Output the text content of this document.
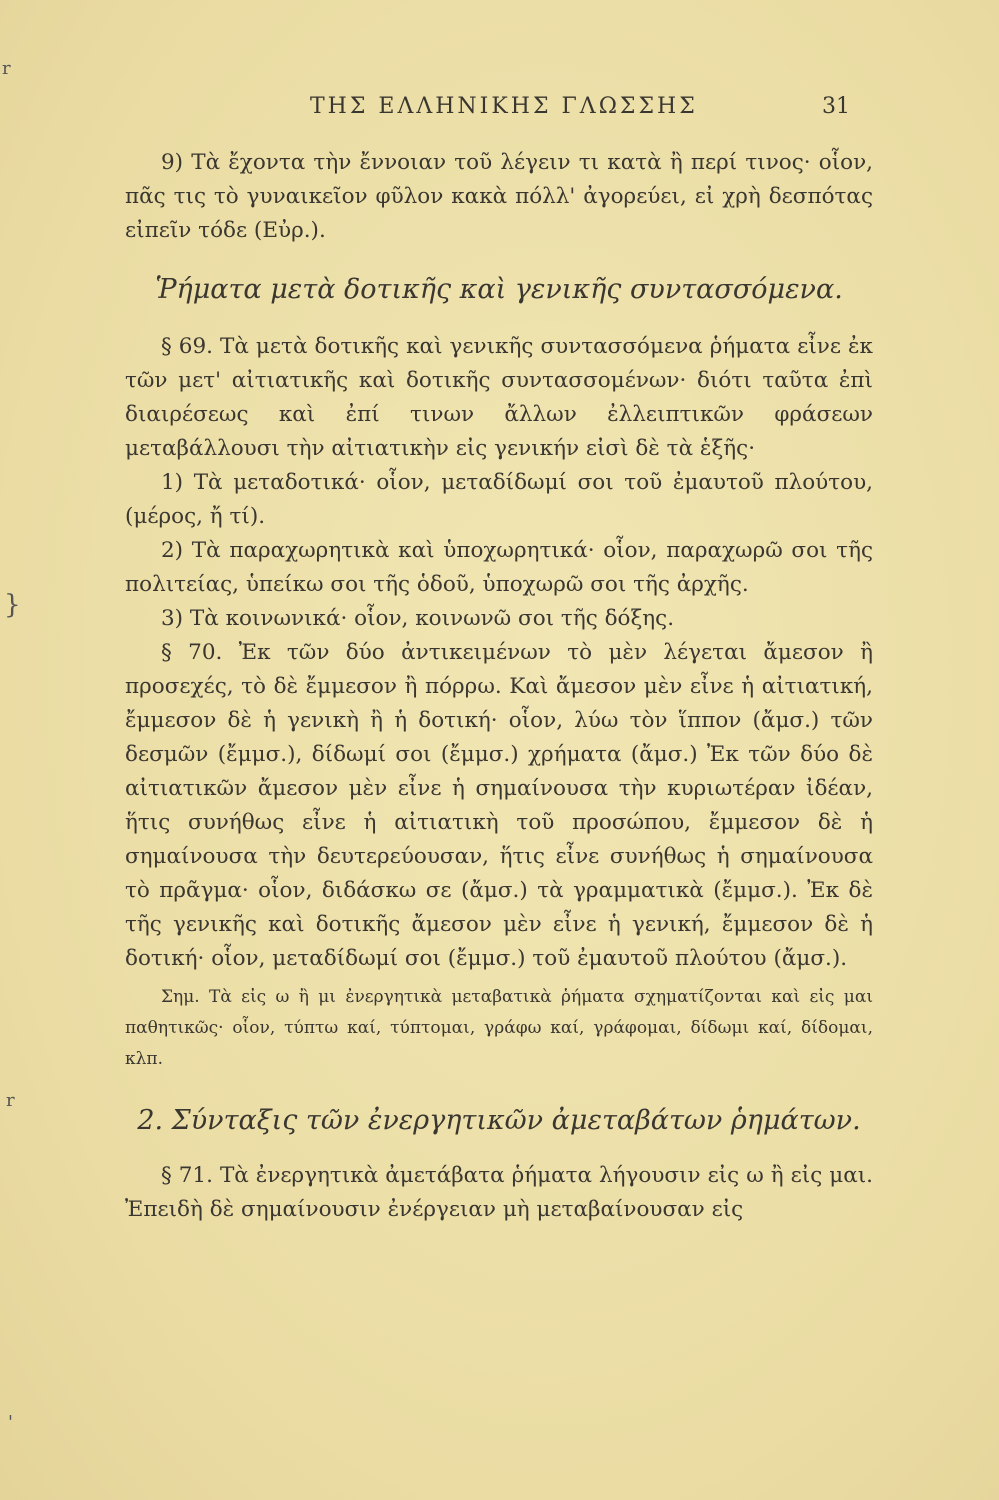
r
}
r
'
ΤΗΣ ΕΛΛΗΝΙΚΗΣ ΓΛΩΣΣΗΣ	31

9) Τὰ ἔχοντα τὴν ἔννοιαν τοῦ λέγειν τι κατὰ ἢ περί τινος· οἷον, πᾶς τις τὸ γυναικεῖον φῦλον κακὰ πόλλ' ἀγορεύει, εἰ χρὴ δεσπότας εἰπεῖν τόδε (Εὐρ.).

Ῥήματα μετὰ δοτικῆς καὶ γενικῆς συντασσόμενα.

§ 69. Τὰ μετὰ δοτικῆς καὶ γενικῆς συντασσόμενα ῥήματα εἶνε ἐκ τῶν μετ' αἰτιατικῆς καὶ δοτικῆς συντασσομένων· διότι ταῦτα ἐπὶ διαιρέσεως καὶ ἐπί τινων ἄλλων ἐλλειπτικῶν φράσεων μεταβάλλουσι τὴν αἰτιατικὴν εἰς γενικήν εἰσὶ δὲ τὰ ἑξῆς·

1) Τὰ μεταδοτικά· οἷον, μεταδίδωμί σοι τοῦ ἐμαυτοῦ πλούτου, (μέρος, ἤ τί).

2) Τὰ παραχωρητικὰ καὶ ὑποχωρητικά· οἷον, παραχωρῶ σοι τῆς πολιτείας, ὑπείκω σοι τῆς ὁδοῦ, ὑποχωρῶ σοι τῆς ἀρχῆς.

3) Τὰ κοινωνικά· οἷον, κοινωνῶ σοι τῆς δόξης.

§ 70. Ἐκ τῶν δύο ἀντικειμένων τὸ μὲν λέγεται ἄμεσον ἢ προσεχές, τὸ δὲ ἔμμεσον ἢ πόρρω. Καὶ ἄμεσον μὲν εἶνε ἡ αἰτιατική, ἔμμεσον δὲ ἡ γενικὴ ἢ ἡ δοτική· οἷον, λύω τὸν ἵππον (ἄμσ.) τῶν δεσμῶν (ἔμμσ.), δίδωμί σοι (ἔμμσ.) χρήματα (ἄμσ.) Ἐκ τῶν δύο δὲ αἰτιατικῶν ἄμεσον μὲν εἶνε ἡ σημαίνουσα τὴν κυριωτέραν ἰδέαν, ἥτις συνήθως εἶνε ἡ αἰτιατικὴ τοῦ προσώπου, ἔμμεσον δὲ ἡ σημαίνουσα τὴν δευτερεύουσαν, ἥτις εἶνε συνήθως ἡ σημαίνουσα τὸ πρᾶγμα· οἷον, διδάσκω σε (ἄμσ.) τὰ γραμματικὰ (ἔμμσ.). Ἐκ δὲ τῆς γενικῆς καὶ δοτικῆς ἄμεσον μὲν εἶνε ἡ γενική, ἔμμεσον δὲ ἡ δοτική· οἷον, μεταδίδωμί σοι (ἔμμσ.) τοῦ ἐμαυτοῦ πλούτου (ἄμσ.).

Σημ. Τὰ εἰς ω ἢ μι ἐνεργητικὰ μεταβατικὰ ῥήματα σχηματίζονται καὶ εἰς μαι παθητικῶς· οἷον, τύπτω καί, τύπτομαι, γράφω καί, γράφομαι, δίδωμι καί, δίδομαι, κλπ.

2. Σύνταξις τῶν ἐνεργητικῶν ἀμεταβάτων ῥημάτων.

§ 71. Τὰ ἐνεργητικὰ ἀμετάβατα ῥήματα λήγουσιν εἰς ω ἢ εἰς μαι. Ἐπειδὴ δὲ σημαίνουσιν ἐνέργειαν μὴ μεταβαίνουσαν εἰς
